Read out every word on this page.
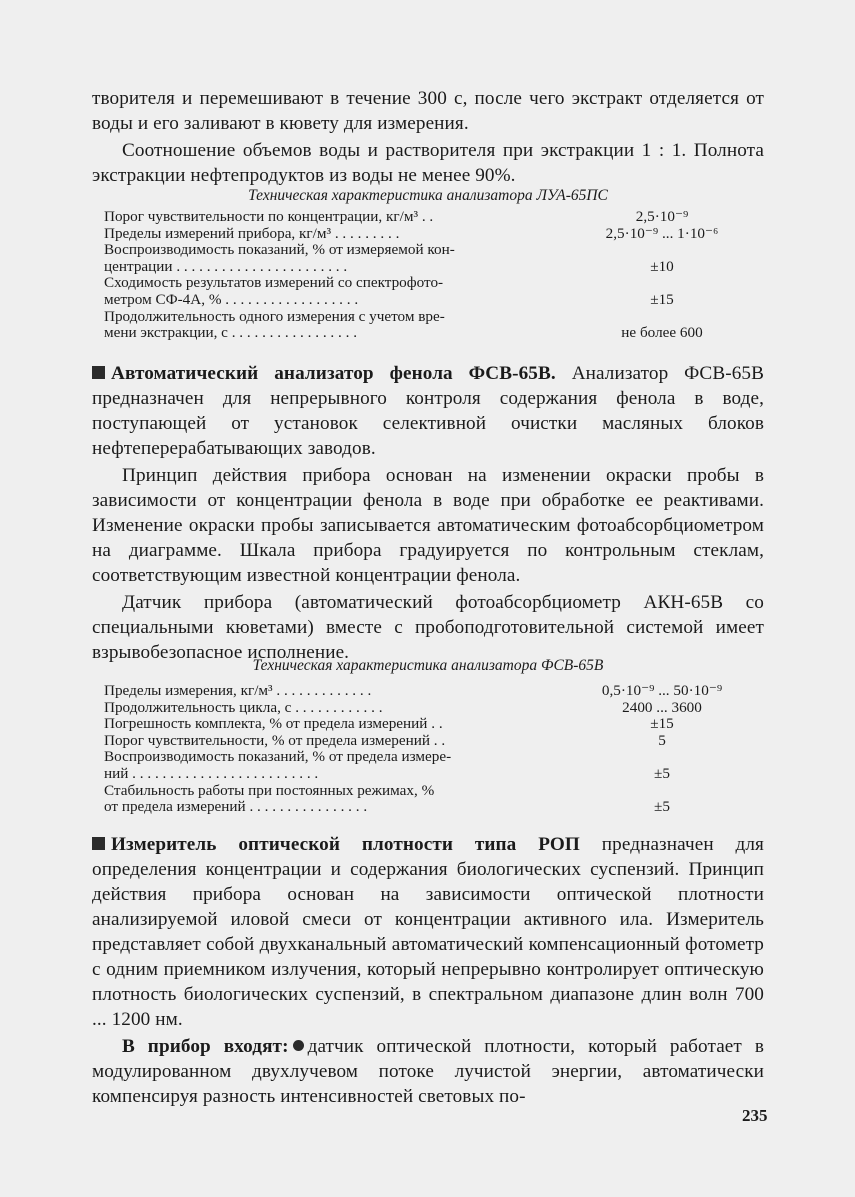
творителя и перемешивают в течение 300 с, после чего экстракт отделяется от воды и его заливают в кювету для измерения.

Соотношение объемов воды и растворителя при экстракции 1 : 1. Полнота экстракции нефтепродуктов из воды не менее 90%.

Техническая характеристика анализатора ЛУА-65ПС
Порог чувствительности по концентрации, кг/м³ . .	2,5·10⁻⁹
Пределы измерений прибора, кг/м³ . . . . . . . . .	2,5·10⁻⁹ ... 1·10⁻⁶
Воспроизводимость показаний, % от измеряемой кон-
центрации . . . . . . . . . . . . . . . . . . . . . . .	±10
Сходимость результатов измерений со спектрофото-
метром СФ-4А, % . . . . . . . . . . . . . . . . . .	±15
Продолжительность одного измерения с учетом вре-
мени экстракции, с . . . . . . . . . . . . . . . . .	не более 600

Автоматический анализатор фенола ФСВ-65В. Анализатор ФСВ-65В предназначен для непрерывного контроля содержания фенола в воде, поступающей от установок селективной очистки масляных блоков нефтеперерабатывающих заводов.

Принцип действия прибора основан на изменении окраски пробы в зависимости от концентрации фенола в воде при обработке ее реактивами. Изменение окраски пробы записывается автоматическим фотоабсорбциометром на диаграмме. Шкала прибора градуируется по контрольным стеклам, соответствующим известной концентрации фенола.

Датчик прибора (автоматический фотоабсорбциометр АКН-65В со специальными кюветами) вместе с пробоподготовительной системой имеет взрывобезопасное исполнение.

Техническая характеристика анализатора ФСВ-65В
Пределы измерения, кг/м³ . . . . . . . . . . . . .	0,5·10⁻⁹ ... 50·10⁻⁹
Продолжительность цикла, с . . . . . . . . . . . .	2400 ... 3600
Погрешность комплекта, % от предела измерений . .	±15
Порог чувствительности, % от предела измерений . .	5
Воспроизводимость показаний, % от предела измере-
ний . . . . . . . . . . . . . . . . . . . . . . . . .	±5
Стабильность работы при постоянных режимах, %
от предела измерений . . . . . . . . . . . . . . . .	±5

Измеритель оптической плотности типа РОП предназначен для определения концентрации и содержания биологических суспензий. Принцип действия прибора основан на зависимости оптической плотности анализируемой иловой смеси от концентрации активного ила. Измеритель представляет собой двухканальный автоматический компенсационный фотометр с одним приемником излучения, который непрерывно контролирует оптическую плотность биологических суспензий, в спектральном диапазоне длин волн 700 ... 1200 нм.

В прибор входят: датчик оптической плотности, который работает в модулированном двухлучевом потоке лучистой энергии, автоматически компенсируя разность интенсивностей световых по-

235
